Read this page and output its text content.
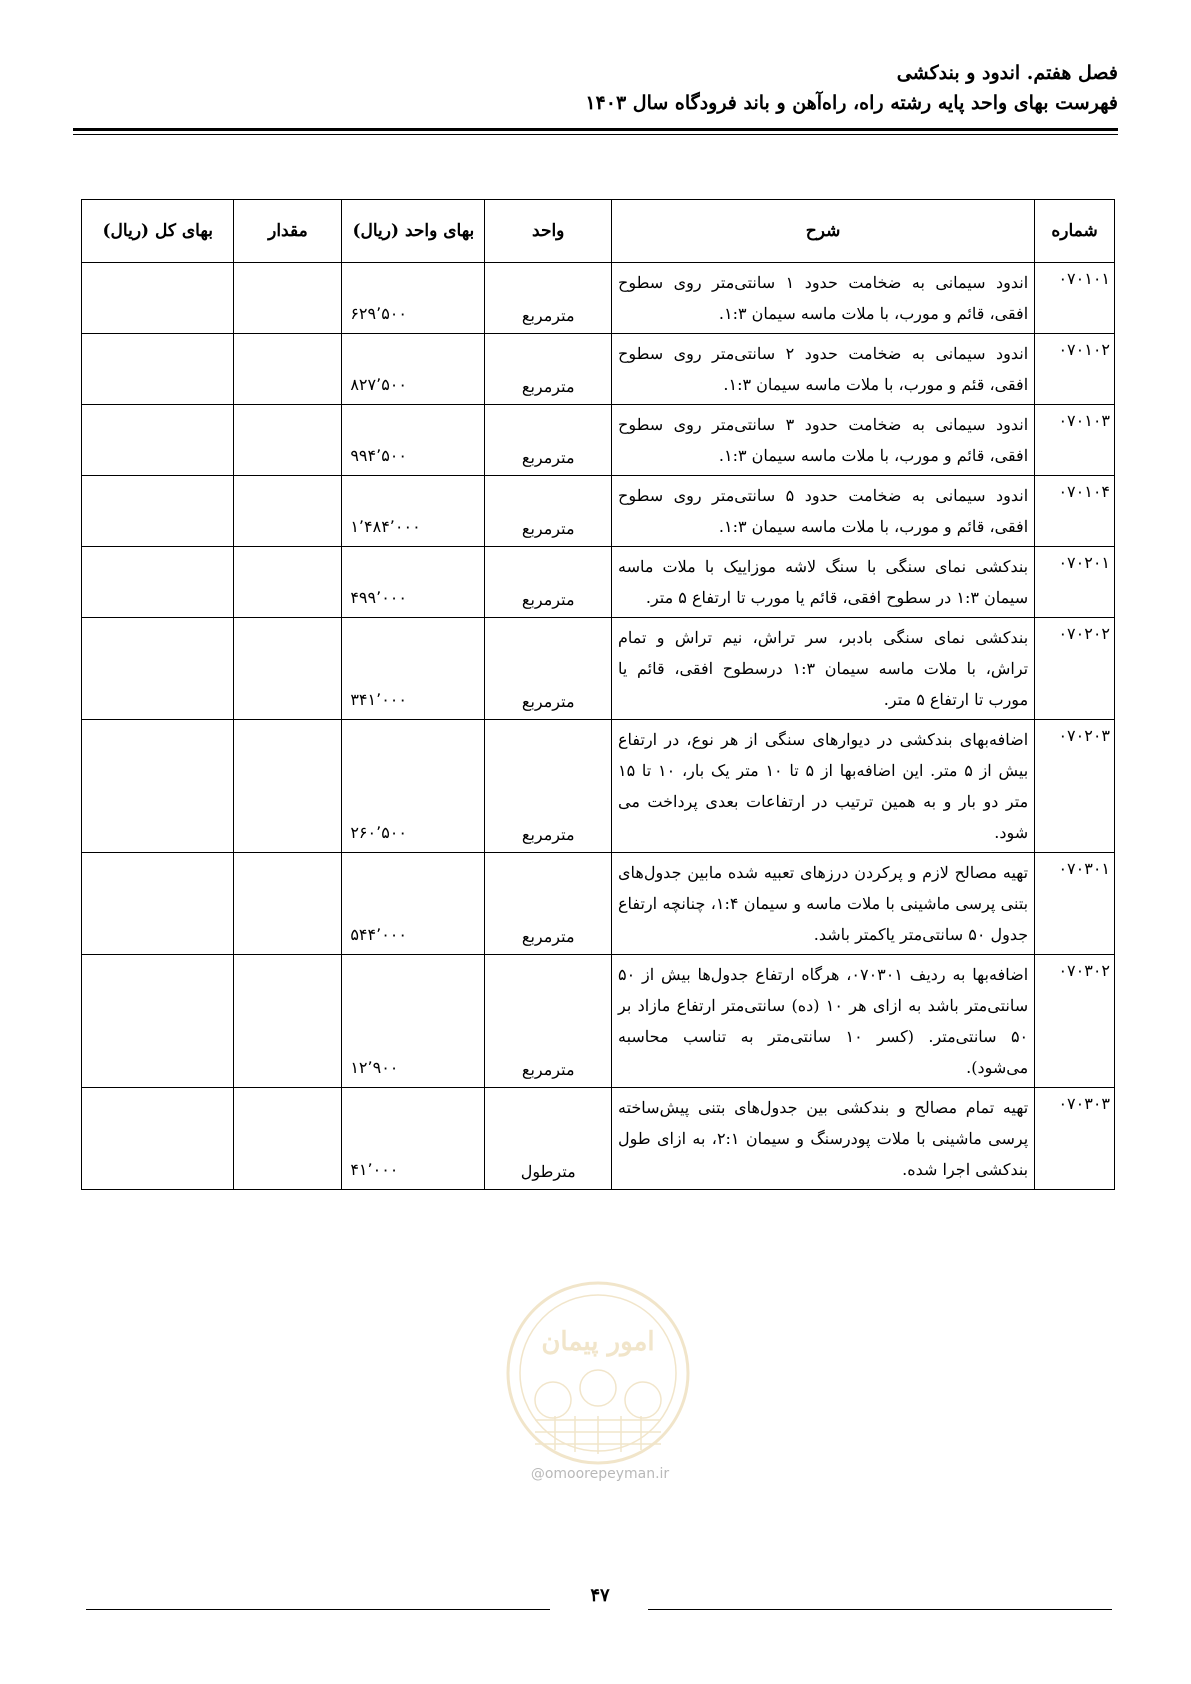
فصل هفتم. اندود و بندکشی
فهرست بهای واحد پایه رشته راه، راه‌آهن و باند فرودگاه سال ۱۴۰۳
شماره	شرح	واحد	بهای واحد (ریال)	مقدار	بهای کل (ریال)
۰۷۰۱۰۱	اندود سیمانی به ضخامت حدود ۱ سانتی‌متر روی سطوح افقی، قائم و مورب، با ملات ماسه سیمان ۱:۳.	مترمربع	۶۲۹٬۵۰۰		
۰۷۰۱۰۲	اندود سیمانی به ضخامت حدود ۲ سانتی‌متر روی سطوح افقی، قئم و مورب، با ملات ماسه سیمان ۱:۳.	مترمربع	۸۲۷٬۵۰۰		
۰۷۰۱۰۳	اندود سیمانی به ضخامت حدود ۳ سانتی‌متر روی سطوح افقی، قائم و مورب، با ملات ماسه سیمان ۱:۳.	مترمربع	۹۹۴٬۵۰۰		
۰۷۰۱۰۴	اندود سیمانی به ضخامت حدود ۵ سانتی‌متر روی سطوح افقی، قائم و مورب، با ملات ماسه سیمان ۱:۳.	مترمربع	۱٬۴۸۴٬۰۰۰		
۰۷۰۲۰۱	بندکشی نمای سنگی با سنگ لاشه موزاییک با ملات ماسه سیمان ۱:۳ در سطوح افقی، قائم یا مورب تا ارتفاع ۵ متر.	مترمربع	۴۹۹٬۰۰۰		
۰۷۰۲۰۲	بندکشی نمای سنگی بادبر، سر تراش، نیم تراش و تمام تراش، با ملات ماسه سیمان ۱:۳ درسطوح افقی، قائم یا مورب تا ارتفاع ۵ متر.	مترمربع	۳۴۱٬۰۰۰		
۰۷۰۲۰۳	اضافه‌بهای بندکشی در دیوارهای سنگی از هر نوع، در ارتفاع بیش از ۵ متر. این اضافه‌بها از ۵ تا ۱۰ متر یک بار، ۱۰ تا ۱۵ متر دو بار و به همین ترتیب در ارتفاعات بعدی پرداخت می شود.	مترمربع	۲۶۰٬۵۰۰		
۰۷۰۳۰۱	تهیه مصالح لازم و پرکردن درزهای تعبیه شده مابین جدول‌های بتنی پرسی ماشینی با ملات ماسه و سیمان ۱:۴، چنانچه ارتفاع جدول ۵۰ سانتی‌متر یاکمتر باشد.	مترمربع	۵۴۴٬۰۰۰		
۰۷۰۳۰۲	اضافه‌بها به ردیف ۰۷۰۳۰۱، هرگاه ارتفاع جدول‌ها بیش از ۵۰ سانتی‌متر باشد به ازای هر ۱۰ (ده) سانتی‌متر ارتفاع مازاد بر ۵۰ سانتی‌متر. (کسر ۱۰ سانتی‌متر به تناسب محاسبه می‌شود).	مترمربع	۱۲٬۹۰۰		
۰۷۰۳۰۳	تهیه تمام مصالح و بندکشی بین جدول‌های بتنی پیش‌ساخته پرسی ماشینی با ملات پودرسنگ و سیمان ۲:۱، به ازای طول بندکشی اجرا شده.	مترطول	۴۱٬۰۰۰		
امور پیمان
@omoorepeyman.ir
۴۷
